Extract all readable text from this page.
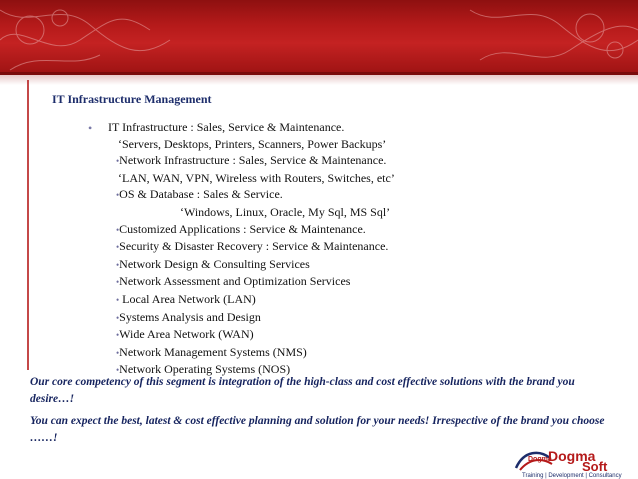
IT Infrastructure Management
• IT Infrastructure : Sales, Service & Maintenance.
‘Servers, Desktops, Printers, Scanners, Power Backups’
•Network Infrastructure : Sales, Service & Maintenance.
‘LAN, WAN, VPN, Wireless with Routers, Switches, etc’
•OS & Database : Sales & Service.
‘Windows, Linux, Oracle, My Sql, MS Sql’
•Customized Applications : Service & Maintenance.
•Security & Disaster Recovery : Service & Maintenance.
•Network Design & Consulting Services
•Network Assessment and Optimization Services
• Local Area Network (LAN)
•Systems Analysis and Design
•Wide Area Network (WAN)
•Network Management Systems (NMS)
•Network Operating Systems (NOS)
Our core competency of this segment is integration of the high-class and cost effective solutions with the brand you desire…!
You can expect the best, latest & cost effective planning and solution for your needs! Irrespective of the brand you choose ……!
Dogma
Dogma
Soft
Training | Development | Consultancy
